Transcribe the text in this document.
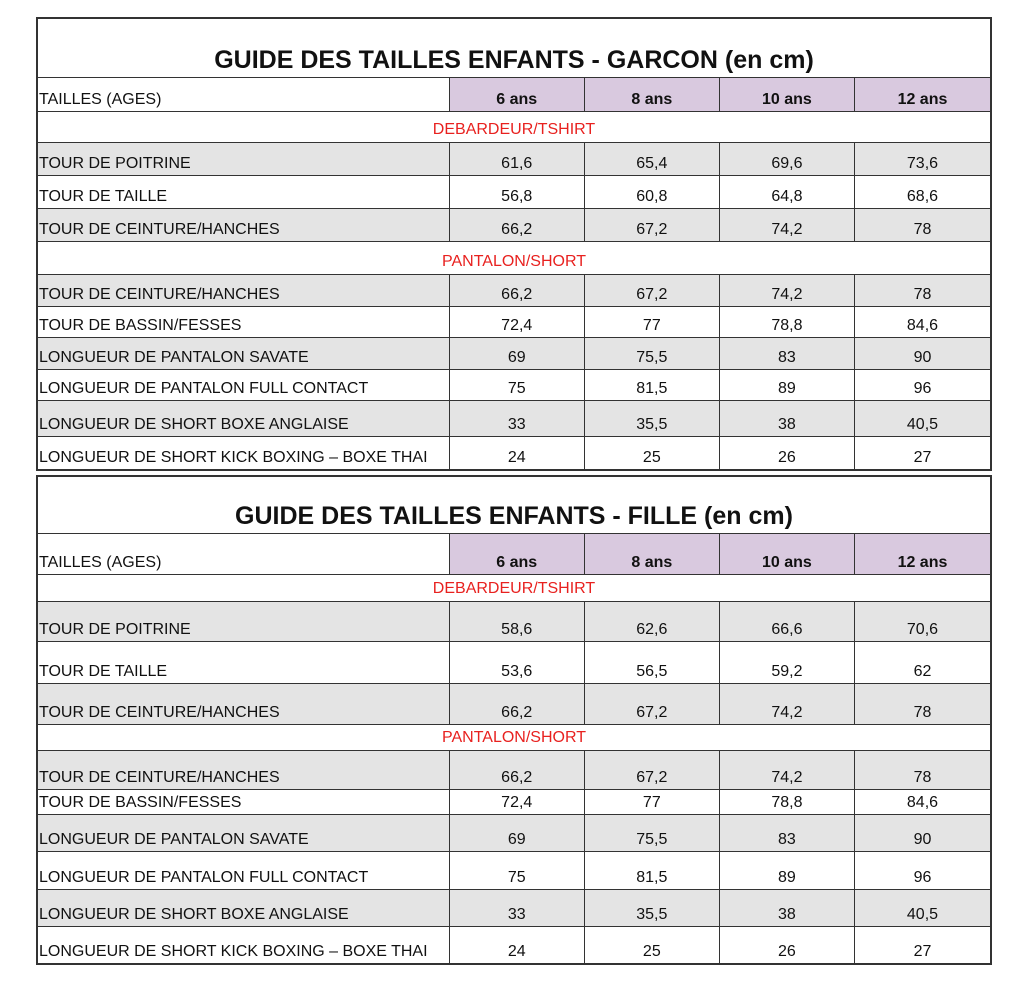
GUIDE DES TAILLES ENFANTS - GARCON (en cm)
TAILLES (AGES)	6 ans	8 ans	10 ans	12 ans
DEBARDEUR/TSHIRT
TOUR DE POITRINE	61,6	65,4	69,6	73,6
TOUR DE TAILLE	56,8	60,8	64,8	68,6
TOUR DE CEINTURE/HANCHES	66,2	67,2	74,2	78
PANTALON/SHORT
TOUR DE CEINTURE/HANCHES	66,2	67,2	74,2	78
TOUR DE BASSIN/FESSES	72,4	77	78,8	84,6
LONGUEUR DE PANTALON SAVATE	69	75,5	83	90
LONGUEUR DE PANTALON FULL CONTACT	75	81,5	89	96
LONGUEUR DE SHORT BOXE ANGLAISE	33	35,5	38	40,5
LONGUEUR DE SHORT KICK BOXING – BOXE THAI	24	25	26	27
GUIDE DES TAILLES ENFANTS - FILLE (en cm)
TAILLES (AGES)	6 ans	8 ans	10 ans	12 ans
DEBARDEUR/TSHIRT
TOUR DE POITRINE	58,6	62,6	66,6	70,6
TOUR DE TAILLE	53,6	56,5	59,2	62
TOUR DE CEINTURE/HANCHES	66,2	67,2	74,2	78
PANTALON/SHORT
TOUR DE CEINTURE/HANCHES	66,2	67,2	74,2	78
TOUR DE BASSIN/FESSES	72,4	77	78,8	84,6
LONGUEUR DE PANTALON SAVATE	69	75,5	83	90
LONGUEUR DE PANTALON FULL CONTACT	75	81,5	89	96
LONGUEUR DE SHORT BOXE ANGLAISE	33	35,5	38	40,5
LONGUEUR DE SHORT KICK BOXING – BOXE THAI	24	25	26	27
